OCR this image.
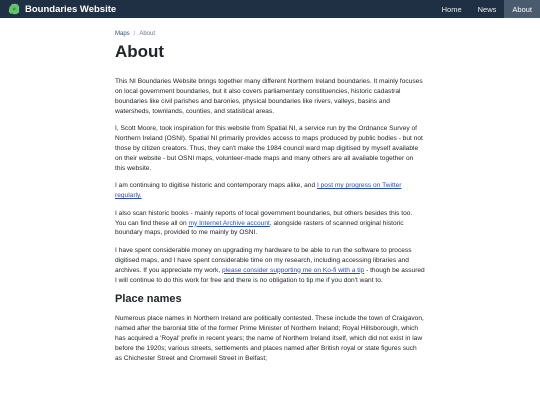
Boundaries Website	Home	News	About
Maps / About
About

This NI Boundaries Website brings together many different Northern Ireland boundaries. It mainly focuses on local government boundaries, but it also covers parliamentary constituencies, historic cadastral boundaries like civil parishes and baronies, physical boundaries like rivers, valleys, basins and watersheds, townlands, counties, and statistical areas.

I, Scott Moore, took inspiration for this website from Spatial NI, a service run by the Ordnance Survey of Northern Ireland (OSNI). Spatial NI primarily provides access to maps produced by public bodies - but not those by citizen creators. Thus, they can't make the 1984 council ward map digitised by myself available on their website - but OSNI maps, volunteer-made maps and many others are all available together on this website.

I am continuing to digitise historic and contemporary maps alike, and I post my progress on Twitter regularly.

I also scan historic books - mainly reports of local government boundaries, but others besides this too. You can find these all on my Internet Archive account, alongside rasters of scanned original historic boundary maps, provided to me mainly by OSNI.

I have spent considerable money on upgrading my hardware to be able to run the software to process digitised maps, and I have spent considerable time on my research, including accessing libraries and archives. If you appreciate my work, please consider supporting me on Ko-fi with a tip - though be assured I will continue to do this work for free and there is no obligation to tip me if you don't want to.

Place names

Numerous place names in Northern Ireland are politically contested. These include the town of Craigavon, named after the baronial title of the former Prime Minister of Northern Ireland; Royal Hillsborough, which has acquired a 'Royal' prefix in recent years; the name of Northern Ireland itself, which did not exist in law before the 1920s; various streets, settlements and places named after British royal or state figures such as Chichester Street and Cromwell Street in Belfast;
